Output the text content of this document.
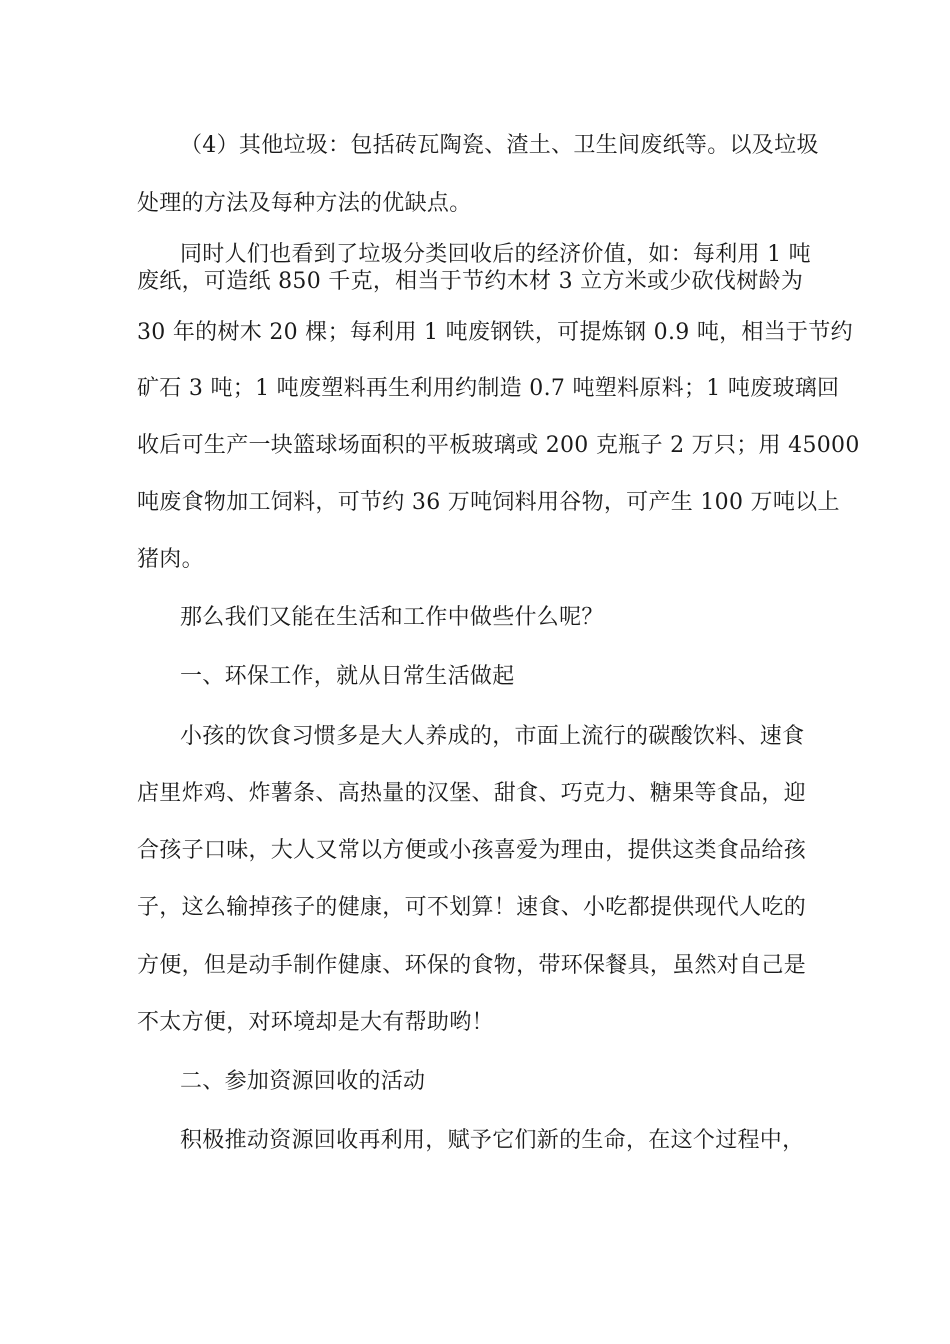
（4）其他垃圾：包括砖瓦陶瓷、渣土、卫生间废纸等。以及垃圾
处理的方法及每种方法的优缺点。
同时人们也看到了垃圾分类回收后的经济价值，如：每利用 1 吨
废纸，可造纸 850 千克，相当于节约木材 3 立方米或少砍伐树龄为
30 年的树木 20 棵；每利用 1 吨废钢铁，可提炼钢 0.9 吨，相当于节约
矿石 3 吨；1 吨废塑料再生利用约制造 0.7 吨塑料原料；1 吨废玻璃回
收后可生产一块篮球场面积的平板玻璃或 200 克瓶子 2 万只；用 45000
吨废食物加工饲料，可节约 36 万吨饲料用谷物，可产生 100 万吨以上
猪肉。
那么我们又能在生活和工作中做些什么呢？
一、环保工作，就从日常生活做起
小孩的饮食习惯多是大人养成的，市面上流行的碳酸饮料、速食
店里炸鸡、炸薯条、高热量的汉堡、甜食、巧克力、糖果等食品，迎
合孩子口味，大人又常以方便或小孩喜爱为理由，提供这类食品给孩
子，这么输掉孩子的健康，可不划算！速食、小吃都提供现代人吃的
方便，但是动手制作健康、环保的食物，带环保餐具，虽然对自己是
不太方便，对环境却是大有帮助哟！
二、参加资源回收的活动
积极推动资源回收再利用，赋予它们新的生命，在这个过程中，
